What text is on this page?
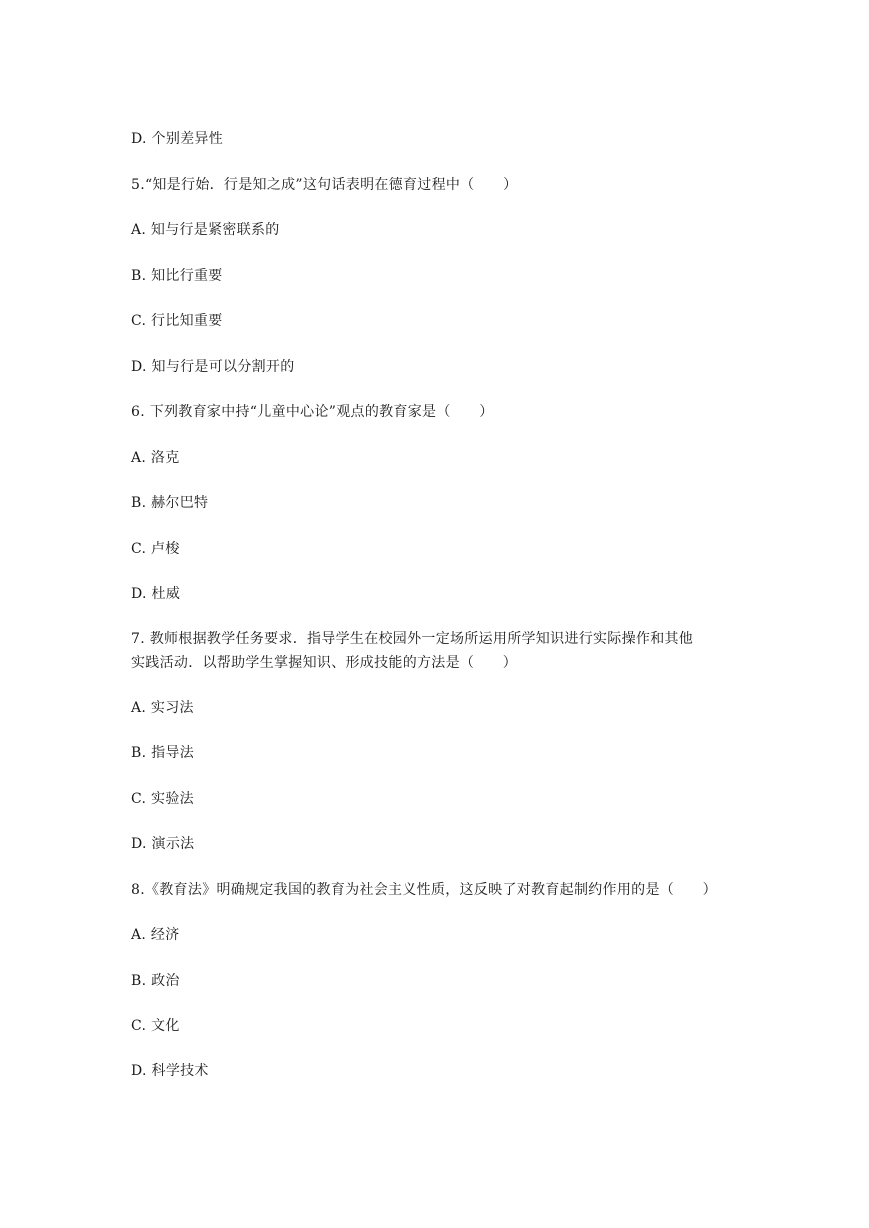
D. 个别差异性
5.“知是行始．行是知之成”这句话表明在德育过程中（　　）
A. 知与行是紧密联系的
B. 知比行重要
C. 行比知重要
D. 知与行是可以分割开的
6. 下列教育家中持“儿童中心论”观点的教育家是（　　）
A. 洛克
B. 赫尔巴特
C. 卢梭
D. 杜威
7. 教师根据教学任务要求．指导学生在校园外一定场所运用所学知识进行实际操作和其他
实践活动．以帮助学生掌握知识、形成技能的方法是（　　）
A. 实习法
B. 指导法
C. 实验法
D. 演示法
8.《教育法》明确规定我国的教育为社会主义性质，这反映了对教育起制约作用的是（　　）
A. 经济
B. 政治
C. 文化
D. 科学技术
